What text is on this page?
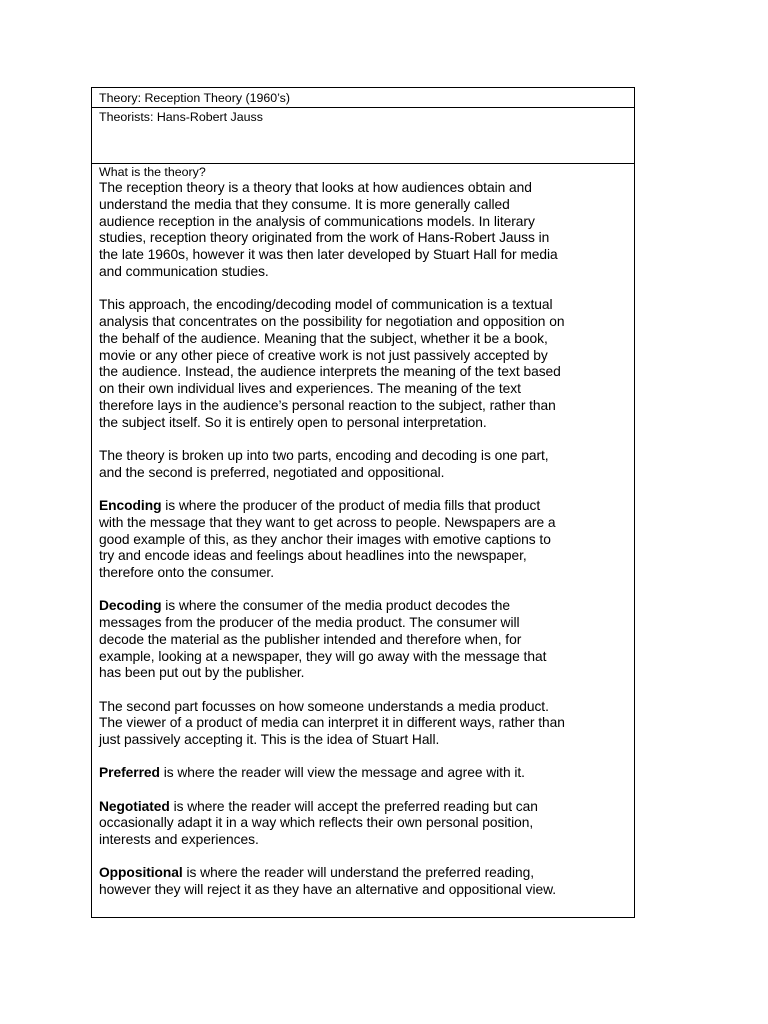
Theory: Reception Theory (1960’s)
Theorists: Hans-Robert Jauss
What is the theory?
The reception theory is a theory that looks at how audiences obtain and
understand the media that they consume. It is more generally called
audience reception in the analysis of communications models. In literary
studies, reception theory originated from the work of Hans-Robert Jauss in
the late 1960s, however it was then later developed by Stuart Hall for media
and communication studies.
This approach, the encoding/decoding model of communication is a textual
analysis that concentrates on the possibility for negotiation and opposition on
the behalf of the audience. Meaning that the subject, whether it be a book,
movie or any other piece of creative work is not just passively accepted by
the audience. Instead, the audience interprets the meaning of the text based
on their own individual lives and experiences. The meaning of the text
therefore lays in the audience’s personal reaction to the subject, rather than
the subject itself. So it is entirely open to personal interpretation.
The theory is broken up into two parts, encoding and decoding is one part,
and the second is preferred, negotiated and oppositional.
Encoding is where the producer of the product of media fills that product
with the message that they want to get across to people. Newspapers are a
good example of this, as they anchor their images with emotive captions to
try and encode ideas and feelings about headlines into the newspaper,
therefore onto the consumer.
Decoding is where the consumer of the media product decodes the
messages from the producer of the media product. The consumer will
decode the material as the publisher intended and therefore when, for
example, looking at a newspaper, they will go away with the message that
has been put out by the publisher.
The second part focusses on how someone understands a media product.
The viewer of a product of media can interpret it in different ways, rather than
just passively accepting it. This is the idea of Stuart Hall.
Preferred is where the reader will view the message and agree with it.
Negotiated is where the reader will accept the preferred reading but can
occasionally adapt it in a way which reflects their own personal position,
interests and experiences.
Oppositional is where the reader will understand the preferred reading,
however they will reject it as they have an alternative and oppositional view.
